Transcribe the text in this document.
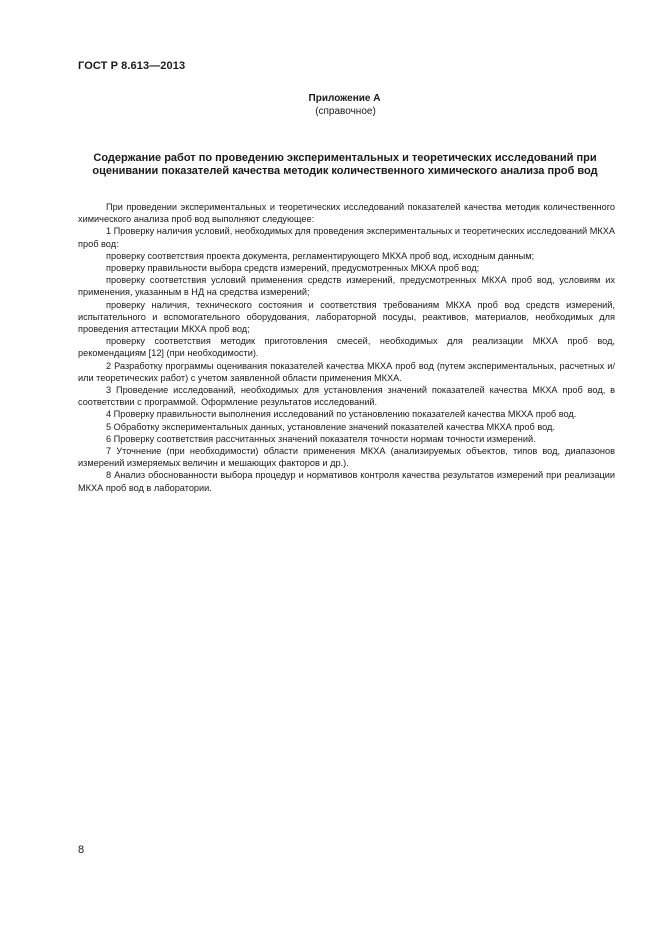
ГОСТ Р 8.613—2013
Приложение А
(справочное)
Содержание работ по проведению экспериментальных и теоретических исследований при оценивании показателей качества методик количественного химического анализа проб вод

При проведении экспериментальных и теоретических исследований показателей качества методик количественного химического анализа проб вод выполняют следующее:

1 Проверку наличия условий, необходимых для проведения экспериментальных и теоретических исследований МКХА проб вод:

проверку соответствия проекта документа, регламентирующего МКХА проб вод, исходным данным;

проверку правильности выбора средств измерений, предусмотренных МКХА проб вод;

проверку соответствия условий применения средств измерений, предусмотренных МКХА проб вод, условиям их применения, указанным в НД на средства измерений;

проверку наличия, технического состояния и соответствия требованиям МКХА проб вод средств измерений, испытательного и вспомогательного оборудования, лабораторной посуды, реактивов, материалов, необходимых для проведения аттестации МКХА проб вод;

проверку соответствия методик приготовления смесей, необходимых для реализации МКХА проб вод, рекомендациям [12] (при необходимости).

2 Разработку программы оценивания показателей качества МКХА проб вод (путем экспериментальных, расчетных и/или теоретических работ) с учетом заявленной области применения МКХА.

3 Проведение исследований, необходимых для установления значений показателей качества МКХА проб вод, в соответствии с программой. Оформление результатов исследований.

4 Проверку правильности выполнения исследований по установлению показателей качества МКХА проб вод.

5 Обработку экспериментальных данных, установление значений показателей качества МКХА проб вод.

6 Проверку соответствия рассчитанных значений показателя точности нормам точности измерений.

7 Уточнение (при необходимости) области применения МКХА (анализируемых объектов, типов вод, диапазонов измерений измеряемых величин и мешающих факторов и др.).

8 Анализ обоснованности выбора процедур и нормативов контроля качества результатов измерений при реализации МКХА проб вод в лаборатории.

8
